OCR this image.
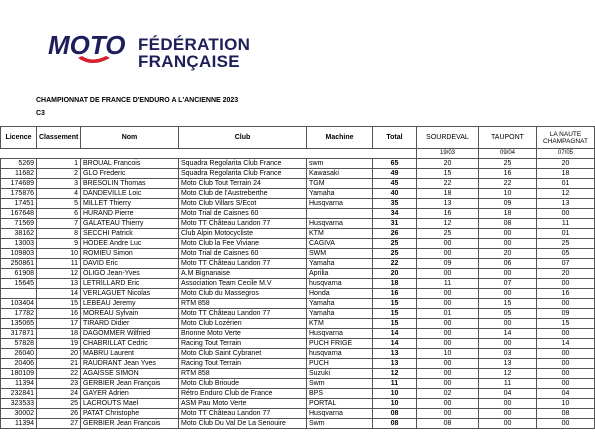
MOTO FÉDÉRATION
FRANÇAISE
CHAMPIONNAT DE FRANCE D'ENDURO A L'ANCIENNE 2023
C3
Licence	Classement	Nom	Club	Machine	Total	SOURDEVAL	TAUPONT	LA NAUTE CHAMPAGNAT
						19/03	09/04	07/05
5269	1	BROUAL Francois	Squadra Regolarita Club France	swm	65	20	25	20
11682	2	GLO Frederic	Squadra Regolarita Club France	Kawasaki	49	15	16	18
174689	3	BRESOLIN Thomas	Moto Club Tout Terrain 24	TGM	45	22	22	01
175876	4	DANDEVILLE Loic	Moto Club de l'Austreberthe	Yamaha	40	18	10	12
17451	5	MILLET Thierry	Moto Club Villars S/Ecot	Husqvarna	35	13	09	13
167648	6	HURAND Pierre	Moto Trial de Caisnes 60		34	16	18	00
71569	7	GALATEAU Thierry	Moto TT Château Landon 77	Husqvarna	31	12	08	11
38162	8	SECCHI Patrick	Club Alpin Motocycliste	KTM	26	25	00	01
13003	9	HODEE Andre Luc	Moto Club la Fee Viviane	CAGIVA	25	00	00	25
109803	10	ROMIEU Simon	Moto Trial de Caisnes 60	SWM	25	00	20	05
250861	11	DAVID Eric	Moto TT Château Landon 77	Yamaha	22	09	06	07
61908	12	OLIGO Jean-Yves	A.M Bignanaise	Aprilia	20	00	00	20
15645	13	LETRILLARD Eric	Association Team Cecile M.V	husqvarna	18	11	07	00
	14	VERLAGUET Nicolas	Moto Club du Massegros	Honda	16	00	00	16
103404	15	LEBEAU Jeremy	RTM 858	Yamaha	15	00	15	00
17782	16	MOREAU Sylvain	Moto TT Château Landon 77	Yamaha	15	01	05	09
135065	17	TIRARD Didier	Moto Club Lozérien	KTM	15	00	00	15
317871	18	DAGOMMER Wilfried	Brionne Moto Verte	Husqvarna	14	00	14	00
57828	19	CHABRILLAT Cedric	Racing Tout Terrain	PUCH FRIGE	14	00	00	14
26040	20	MABRU Laurent	Moto Club Saint Cybranet	husqvarna	13	10	03	00
20406	21	RAUDRANT Jean Yves	Racing Tout Terrain	PUCH	13	00	13	00
180109	22	AGAISSE SIMON	RTM 858	Suzuki	12	00	12	00
11394	23	GERBIER Jean François	Moto Club Brioude	Swm	11	00	11	00
232841	24	GAYER Adrien	Rétro Enduro Club de France	BPS	10	02	04	04
323533	25	LACROUTS Mael	ASM Pau Moto Verte	PORTAL	10	00	00	10
30002	26	PATAT Christophe	Moto TT Château Landon 77	Husqvarna	08	00	00	08
11394	27	GERBIER Jean Francois	Moto Club Du Val De La Senouire	Swm	08	08	00	00
